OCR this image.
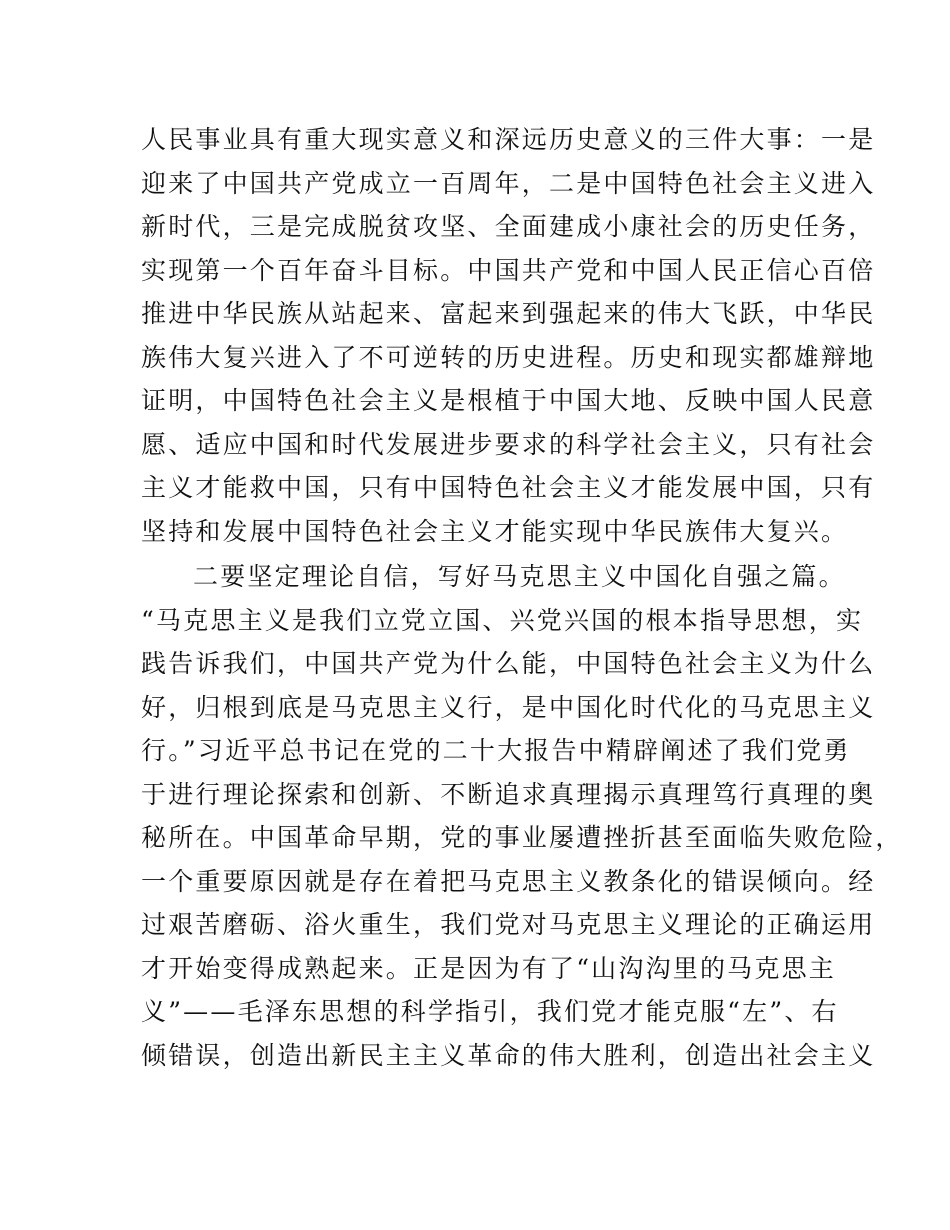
人民事业具有重大现实意义和深远历史意义的三件大事：一是
迎来了中国共产党成立一百周年，二是中国特色社会主义进入
新时代，三是完成脱贫攻坚、全面建成小康社会的历史任务，
实现第一个百年奋斗目标。中国共产党和中国人民正信心百倍
推进中华民族从站起来、富起来到强起来的伟大飞跃，中华民
族伟大复兴进入了不可逆转的历史进程。历史和现实都雄辩地
证明，中国特色社会主义是根植于中国大地、反映中国人民意
愿、适应中国和时代发展进步要求的科学社会主义，只有社会
主义才能救中国，只有中国特色社会主义才能发展中国，只有
坚持和发展中国特色社会主义才能实现中华民族伟大复兴。
二要坚定理论自信，写好马克思主义中国化自强之篇。
“马克思主义是我们立党立国、兴党兴国的根本指导思想，实
践告诉我们，中国共产党为什么能，中国特色社会主义为什么
好，归根到底是马克思主义行，是中国化时代化的马克思主义
行。”习近平总书记在党的二十大报告中精辟阐述了我们党勇
于进行理论探索和创新、不断追求真理揭示真理笃行真理的奥
秘所在。中国革命早期，党的事业屡遭挫折甚至面临失败危险，
一个重要原因就是存在着把马克思主义教条化的错误倾向。经
过艰苦磨砺、浴火重生，我们党对马克思主义理论的正确运用
才开始变得成熟起来。正是因为有了“山沟沟里的马克思主
义”——毛泽东思想的科学指引，我们党才能克服“左”、右
倾错误，创造出新民主主义革命的伟大胜利，创造出社会主义
